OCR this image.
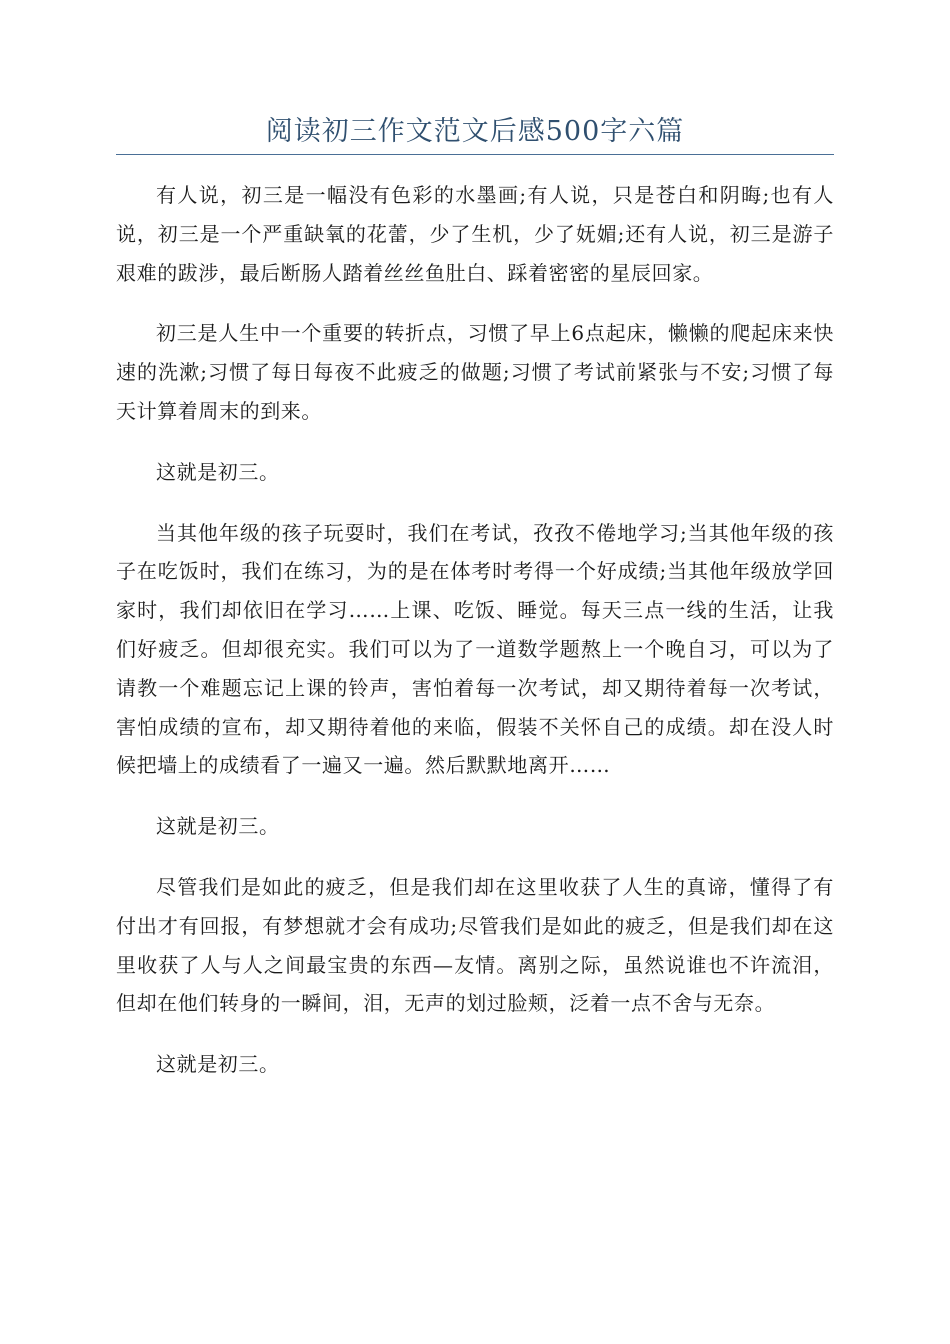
阅读初三作文范文后感500字六篇

有人说，初三是一幅没有色彩的水墨画;有人说，只是苍白和阴晦;也有人说，初三是一个严重缺氧的花蕾，少了生机，少了妩媚;还有人说，初三是游子艰难的跋涉，最后断肠人踏着丝丝鱼肚白、踩着密密的星辰回家。

初三是人生中一个重要的转折点，习惯了早上6点起床，懒懒的爬起床来快速的洗漱;习惯了每日每夜不此疲乏的做题;习惯了考试前紧张与不安;习惯了每天计算着周末的到来。

这就是初三。

当其他年级的孩子玩耍时，我们在考试，孜孜不倦地学习;当其他年级的孩子在吃饭时，我们在练习，为的是在体考时考得一个好成绩;当其他年级放学回家时，我们却依旧在学习……上课、吃饭、睡觉。每天三点一线的生活，让我们好疲乏。但却很充实。我们可以为了一道数学题熬上一个晚自习，可以为了请教一个难题忘记上课的铃声，害怕着每一次考试，却又期待着每一次考试，害怕成绩的宣布，却又期待着他的来临，假装不关怀自己的成绩。却在没人时候把墙上的成绩看了一遍又一遍。然后默默地离开……

这就是初三。

尽管我们是如此的疲乏，但是我们却在这里收获了人生的真谛，懂得了有付出才有回报，有梦想就才会有成功;尽管我们是如此的疲乏，但是我们却在这里收获了人与人之间最宝贵的东西—友情。离别之际，虽然说谁也不许流泪，但却在他们转身的一瞬间，泪，无声的划过脸颊，泛着一点不舍与无奈。

这就是初三。
